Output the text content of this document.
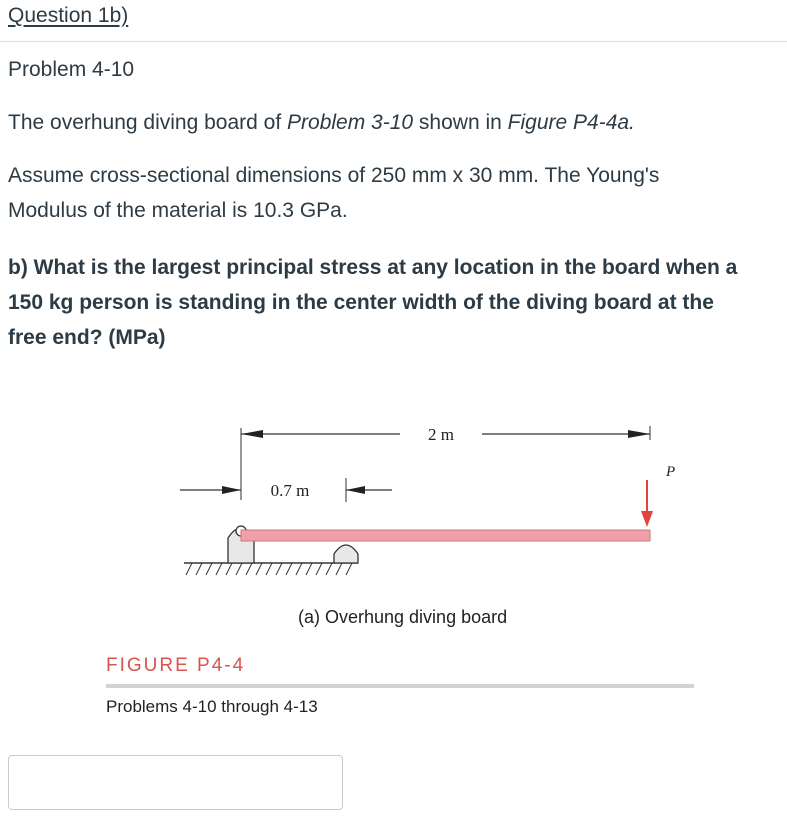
Question 1b)

Problem 4-10

The overhung diving board of Problem 3-10 shown in Figure P4-4a.

Assume cross-sectional dimensions of 250 mm x 30 mm. The Young's
Modulus of the material is 10.3 GPa.

b) What is the largest principal stress at any location in the board when a
150 kg person is standing in the center width of the diving board at the
free end? (MPa)

2 m
0.7 m
P
(a) Overhung diving board
FIGURE P4-4
Problems 4-10 through 4-13
